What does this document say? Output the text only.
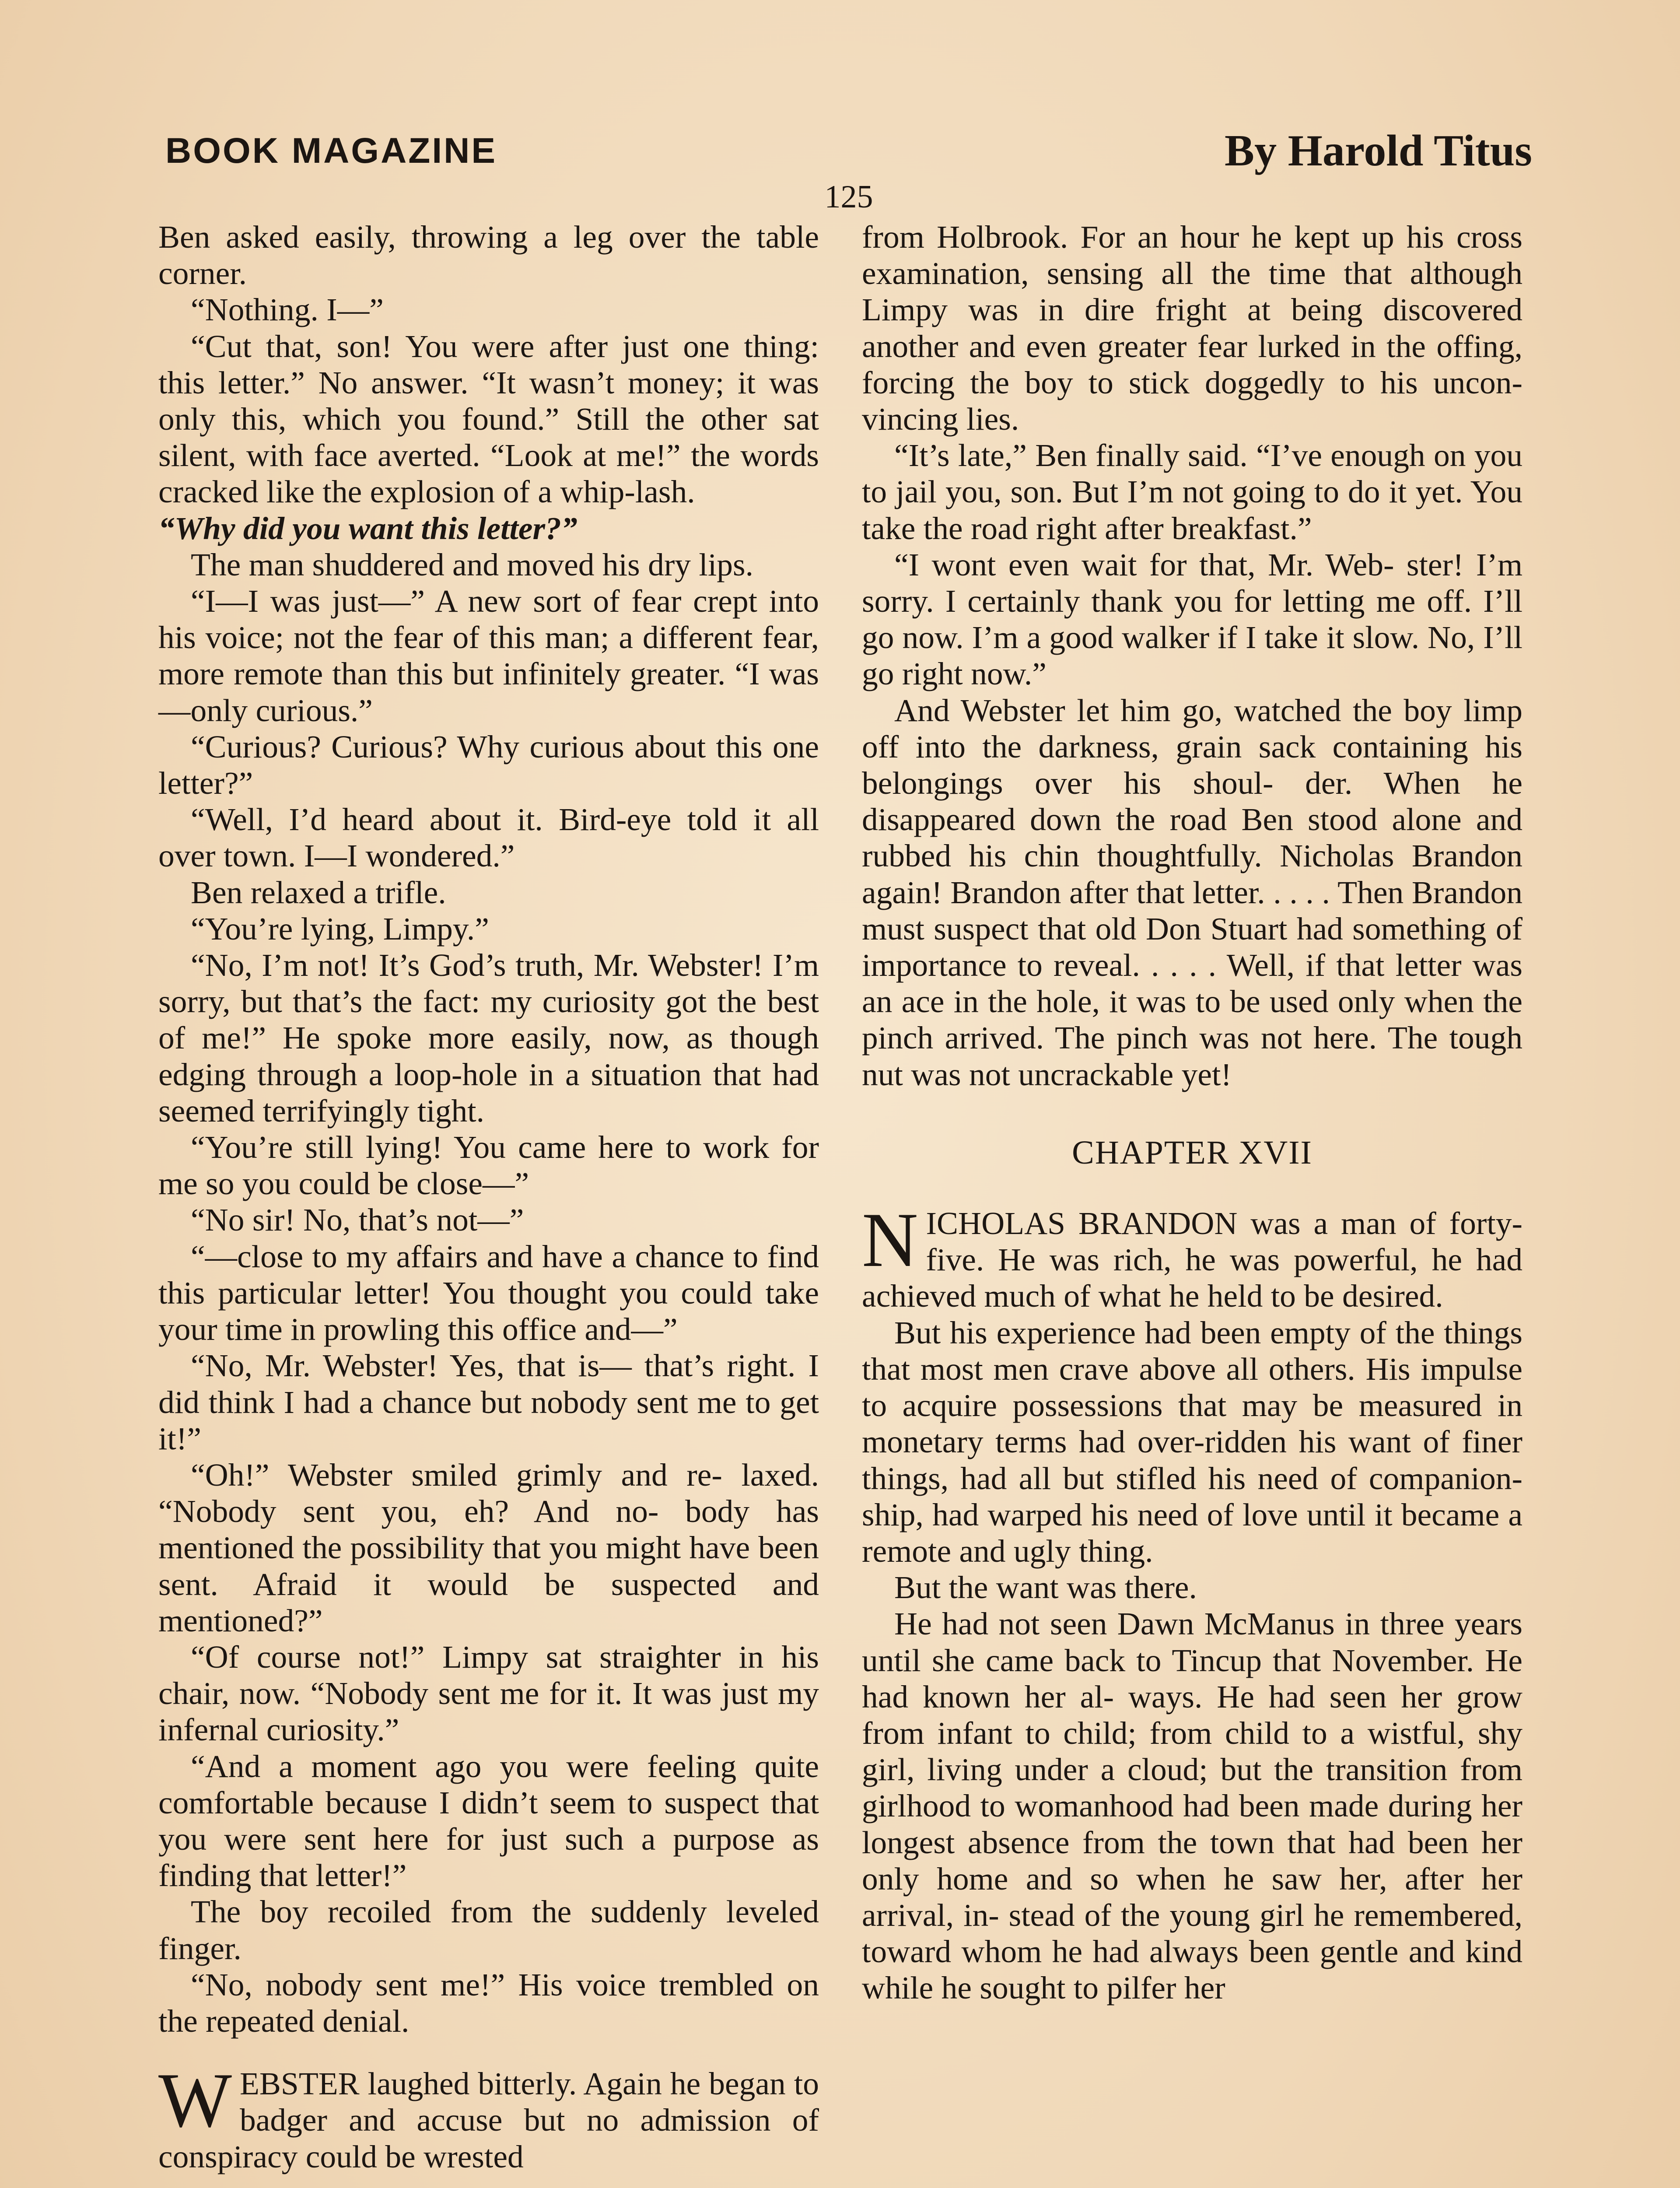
BOOK MAGAZINE	By Harold Titus
125

Ben asked easily, throwing a leg over the table corner.

“Nothing. I—”

“Cut that, son! You were after just one thing: this letter.” No answer. “It wasn’t money; it was only this, which you found.” Still the other sat silent, with face averted. “Look at me!” the words cracked like the explosion of a whip-lash.

“Why did you want this letter?”

The man shuddered and moved his dry lips.

“I—I was just—” A new sort of fear crept into his voice; not the fear of this man; a different fear, more remote than this but infinitely greater. “I was—only curious.”

“Curious? Curious? Why curious about this one letter?”

“Well, I’d heard about it. Bird-eye told it all over town. I—I wondered.”

Ben relaxed a trifle.

“You’re lying, Limpy.”

“No, I’m not! It’s God’s truth, Mr. Webster! I’m sorry, but that’s the fact: my curiosity got the best of me!” He spoke more easily, now, as though edging through a loop-hole in a situation that had seemed terrifyingly tight.

“You’re still lying! You came here to work for me so you could be close—”

“No sir! No, that’s not—”

“—close to my affairs and have a chance to find this particular letter! You thought you could take your time in prowling this office and—”

“No, Mr. Webster! Yes, that is— that’s right. I did think I had a chance but nobody sent me to get it!”

“Oh!” Webster smiled grimly and re- laxed. “Nobody sent you, eh? And no- body has mentioned the possibility that you might have been sent. Afraid it would be suspected and mentioned?”

“Of course not!” Limpy sat straighter in his chair, now. “Nobody sent me for it. It was just my infernal curiosity.”

“And a moment ago you were feeling quite comfortable because I didn’t seem to suspect that you were sent here for just such a purpose as finding that letter!”

The boy recoiled from the suddenly leveled finger.

“No, nobody sent me!” His voice trembled on the repeated denial.

WEBSTER laughed bitterly. Again he began to badger and accuse but no admission of conspiracy could be wrested

from Holbrook. For an hour he kept up his cross examination, sensing all the time that although Limpy was in dire fright at being discovered another and even greater fear lurked in the offing, forcing the boy to stick doggedly to his uncon- vincing lies.

“It’s late,” Ben finally said. “I’ve enough on you to jail you, son. But I’m not going to do it yet. You take the road right after breakfast.”

“I wont even wait for that, Mr. Web- ster! I’m sorry. I certainly thank you for letting me off. I’ll go now. I’m a good walker if I take it slow. No, I’ll go right now.”

And Webster let him go, watched the boy limp off into the darkness, grain sack containing his belongings over his shoul- der. When he disappeared down the road Ben stood alone and rubbed his chin thoughtfully. Nicholas Brandon again! Brandon after that letter. . . . . Then Brandon must suspect that old Don Stuart had something of importance to reveal. . . . . Well, if that letter was an ace in the hole, it was to be used only when the pinch arrived. The pinch was not here. The tough nut was not uncrackable yet!

CHAPTER XVII

NICHOLAS BRANDON was a man of forty-five. He was rich, he was powerful, he had achieved much of what he held to be desired.

But his experience had been empty of the things that most men crave above all others. His impulse to acquire possessions that may be measured in monetary terms had over-ridden his want of finer things, had all but stifled his need of companion- ship, had warped his need of love until it became a remote and ugly thing.

But the want was there.

He had not seen Dawn McManus in three years until she came back to Tincup that November. He had known her al- ways. He had seen her grow from infant to child; from child to a wistful, shy girl, living under a cloud; but the transition from girlhood to womanhood had been made during her longest absence from the town that had been her only home and so when he saw her, after her arrival, in- stead of the young girl he remembered, toward whom he had always been gentle and kind while he sought to pilfer her
